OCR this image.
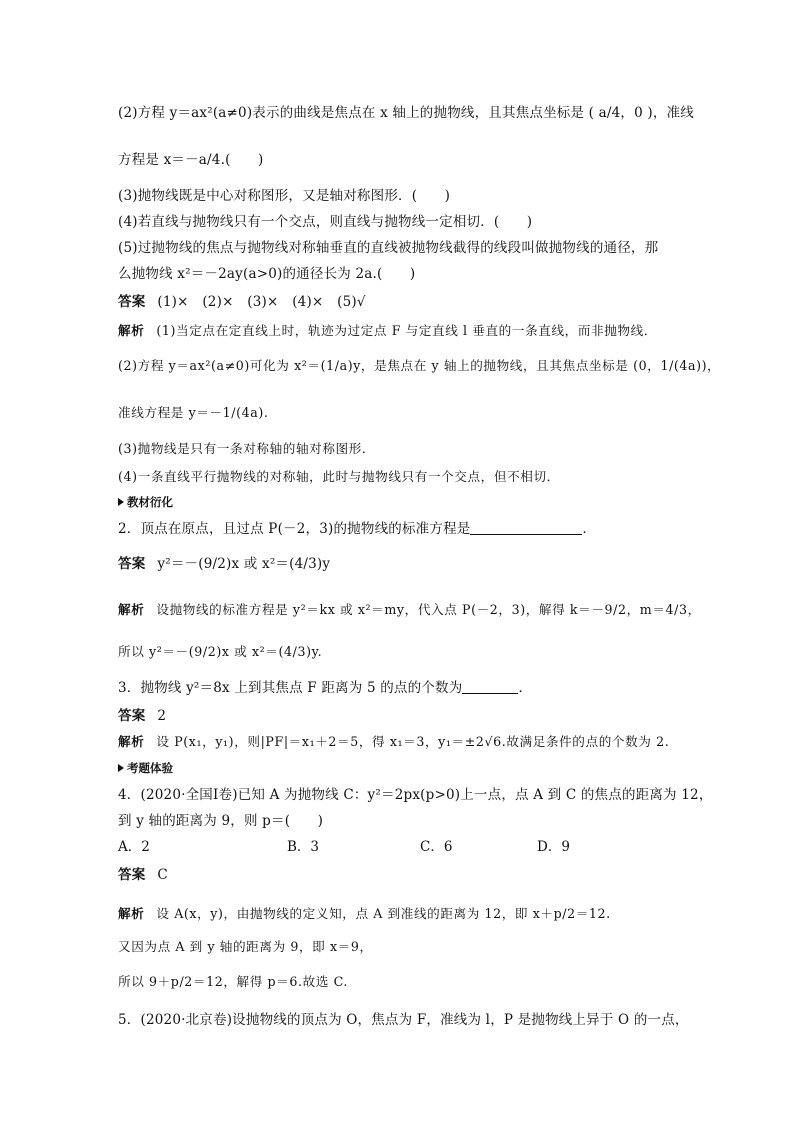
(2)方程 y＝ax²(a≠0)表示的曲线是焦点在 x 轴上的抛物线，且其焦点坐标是 ( a/4，0 )，准线
方程是 x＝－a/4.(　　)
(3)抛物线既是中心对称图形，又是轴对称图形．(　　)
(4)若直线与抛物线只有一个交点，则直线与抛物线一定相切．(　　)
(5)过抛物线的焦点与抛物线对称轴垂直的直线被抛物线截得的线段叫做抛物线的通径，那
么抛物线 x²＝－2ay(a>0)的通径长为 2a.(　　)
答案 (1)×　(2)×　(3)×　(4)×　(5)√
解析 (1)当定点在定直线上时，轨迹为过定点 F 与定直线 l 垂直的一条直线，而非抛物线．
(2)方程 y＝ax²(a≠0)可化为 x²＝(1/a)y，是焦点在 y 轴上的抛物线，且其焦点坐标是 (0，1/(4a))，
准线方程是 y＝－1/(4a).
(3)抛物线是只有一条对称轴的轴对称图形．
(4)一条直线平行抛物线的对称轴，此时与抛物线只有一个交点，但不相切．
2．顶点在原点，且过点 P(－2，3)的抛物线的标准方程是	．
答案 y²＝－(9/2)x 或 x²＝(4/3)y
解析 设抛物线的标准方程是 y²＝kx 或 x²＝my，代入点 P(－2，3)，解得 k＝－9/2，m＝4/3，
所以 y²＝－(9/2)x 或 x²＝(4/3)y.
3．抛物线 y²＝8x 上到其焦点 F 距离为 5 的点的个数为	．
答案 2
解析 设 P(x₁，y₁)，则|PF|＝x₁＋2＝5，得 x₁＝3，y₁＝±2√6.故满足条件的点的个数为 2.
4．(2020·全国Ⅰ卷)已知 A 为抛物线 C：y²＝2px(p>0)上一点，点 A 到 C 的焦点的距离为 12，
到 y 轴的距离为 9，则 p＝(　　)
答案 C
解析 设 A(x，y)，由抛物线的定义知，点 A 到准线的距离为 12，即 x＋p/2＝12.
又因为点 A 到 y 轴的距离为 9，即 x＝9，
所以 9＋p/2＝12，解得 p＝6.故选 C.
5．(2020·北京卷)设抛物线的顶点为 O，焦点为 F，准线为 l，P 是抛物线上异于 O 的一点，
教材衍化
考题体验
A．2	B．3	C．6	D．9
